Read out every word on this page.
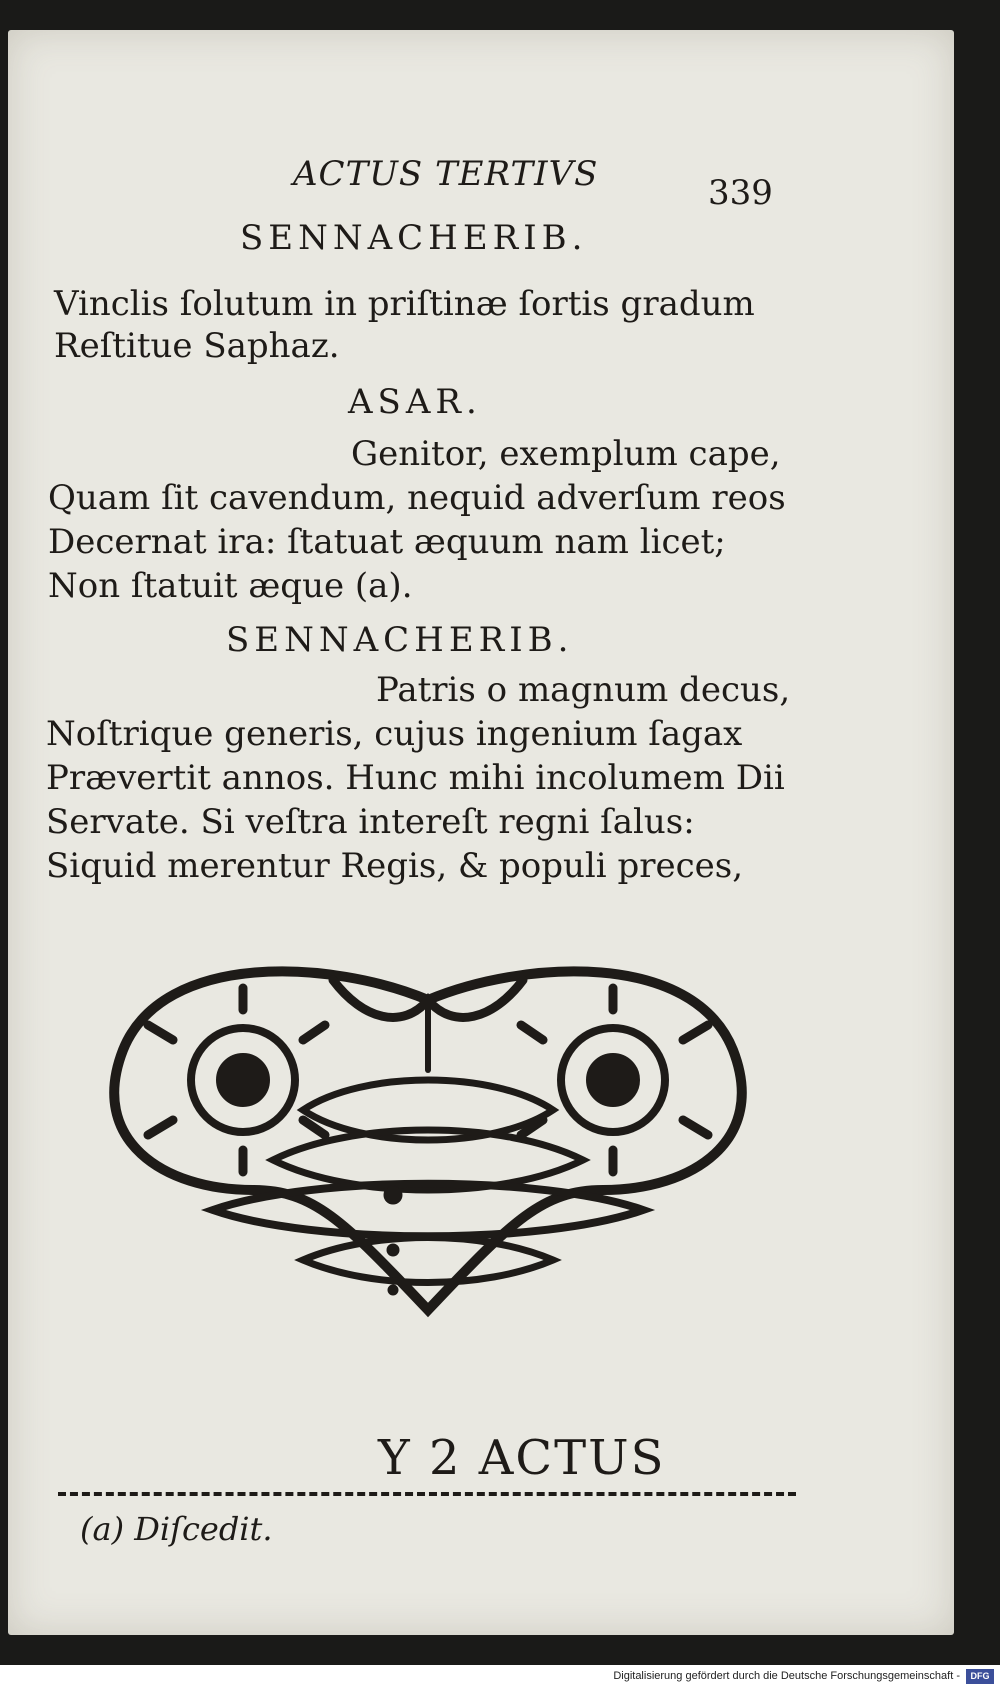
ACTUS TERTIVS	339
SENNACHERIB.
Vinclis ſolutum in priſtinæ ſortis gradum
Reſtitue Saphaz.
ASAR.
Genitor, exemplum cape,
Quam ſit cavendum, nequid adverſum reos
Decernat ira: ſtatuat æquum nam licet;
Non ſtatuit æque (a).
SENNACHERIB.
Patris o magnum decus,
Noſtrique generis, cujus ingenium ſagax
Prævertit annos. Hunc mihi incolumem Dii
Servate. Si veſtra intereſt regni ſalus:
Siquid merentur Regis, & populi preces,
Y 2 ACTUS
(a) Diſcedit.
Digitalisierung gefördert durch die Deutsche Forschungsgemeinschaft -	DFG
